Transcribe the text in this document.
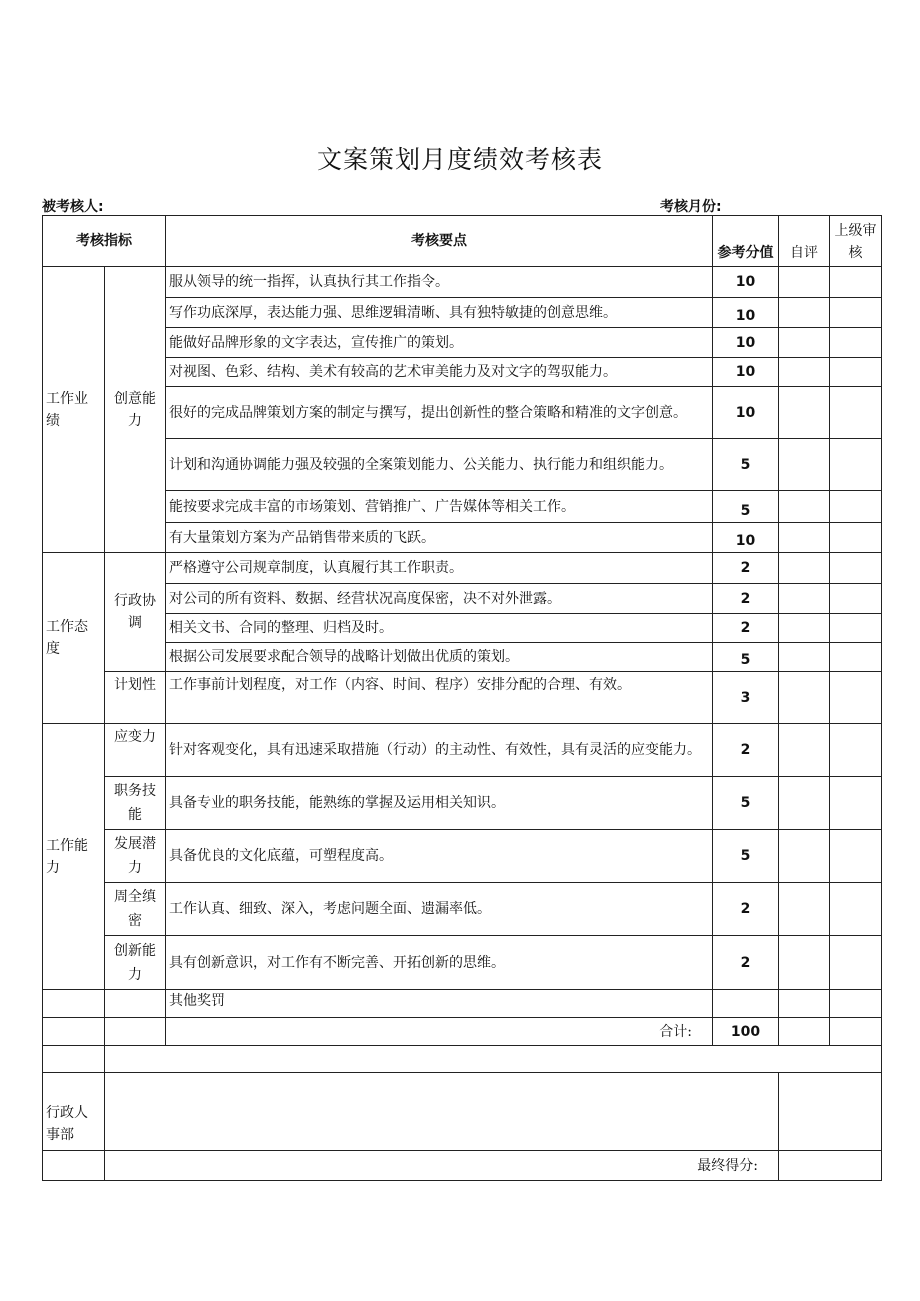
文案策划月度绩效考核表
被考核人:	考核月份:
考核指标		考核要点	参考分值	自评	上级审核
工作业绩	创意能力	服从领导的统一指挥，认真执行其工作指令。	10		
		写作功底深厚，表达能力强、思维逻辑清晰、具有独特敏捷的创意思维。	10		
		能做好品牌形象的文字表达，宣传推广的策划。	10		
		对视图、色彩、结构、美术有较高的艺术审美能力及对文字的驾驭能力。	10		
		很好的完成品牌策划方案的制定与撰写，提出创新性的整合策略和精准的文字创意。	10		
		计划和沟通协调能力强及较强的全案策划能力、公关能力、执行能力和组织能力。	5		
		能按要求完成丰富的市场策划、营销推广、广告媒体等相关工作。	5		
		有大量策划方案为产品销售带来质的飞跃。	10		
工作态度	行政协调	严格遵守公司规章制度，认真履行其工作职责。	2		
		对公司的所有资料、数据、经营状况高度保密，决不对外泄露。	2		
		相关文书、合同的整理、归档及时。	2		
		根据公司发展要求配合领导的战略计划做出优质的策划。	5		
	计划性	工作事前计划程度，对工作（内容、时间、程序）安排分配的合理、有效。	3		
工作能力	应变力	针对客观变化，具有迅速采取措施（行动）的主动性、有效性，具有灵活的应变能力。	2		
	职务技能	具备专业的职务技能，能熟练的掌握及运用相关知识。	5		
	发展潜力	具备优良的文化底蕴，可塑程度高。	5		
	周全缜密	工作认真、细致、深入，考虑问题全面、遗漏率低。	2		
	创新能力	具有创新意识，对工作有不断完善、开拓创新的思维。	2		
		其他奖罚			
		合计:	100		

行政人事部					
	最终得分:				
